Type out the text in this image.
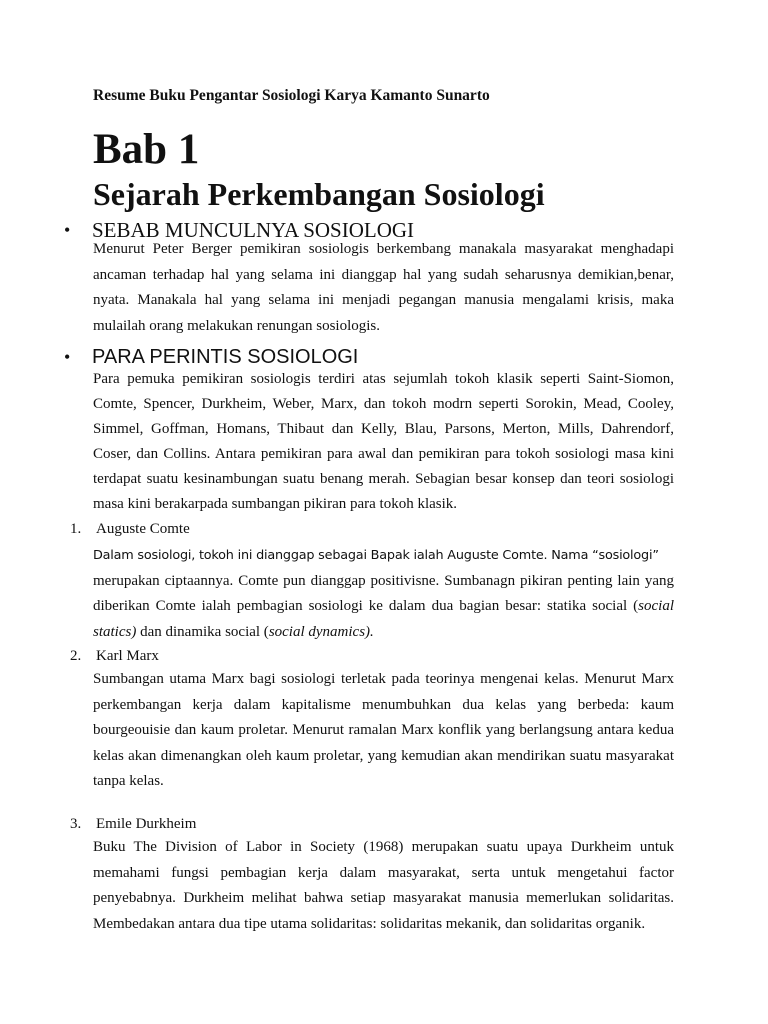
Resume Buku Pengantar Sosiologi Karya Kamanto Sunarto
Bab 1
Sejarah Perkembangan Sosiologi
• SEBAB MUNCULNYA SOSIOLOGI

Menurut Peter Berger pemikiran sosiologis berkembang manakala masyarakat menghadapi ancaman terhadap hal yang selama ini dianggap hal yang sudah seharusnya demikian,benar, nyata. Manakala hal yang selama ini menjadi pegangan manusia mengalami krisis, maka mulailah orang melakukan renungan sosiologis.

• PARA PERINTIS SOSIOLOGI

Para pemuka pemikiran sosiologis terdiri atas sejumlah tokoh klasik seperti Saint-Siomon, Comte, Spencer, Durkheim, Weber, Marx, dan tokoh modrn seperti Sorokin, Mead, Cooley, Simmel, Goffman, Homans, Thibaut dan Kelly, Blau, Parsons, Merton, Mills, Dahrendorf, Coser, dan Collins. Antara pemikiran para awal dan pemikiran para tokoh sosiologi masa kini terdapat suatu kesinambungan suatu benang merah. Sebagian besar konsep dan teori sosiologi masa kini berakarpada sumbangan pikiran para tokoh klasik.

1. Auguste Comte
Dalam sosiologi, tokoh ini dianggap sebagai Bapak ialah Auguste Comte. Nama “sosiologi”
merupakan ciptaannya. Comte pun dianggap positivisne. Sumbanagn pikiran penting lain yang diberikan Comte ialah pembagian sosiologi ke dalam dua bagian besar: statika social (social statics) dan dinamika social (social dynamics).
2. Karl Marx

Sumbangan utama Marx bagi sosiologi terletak pada teorinya mengenai kelas. Menurut Marx perkembangan kerja dalam kapitalisme menumbuhkan dua kelas yang berbeda: kaum bourgeouisie dan kaum proletar. Menurut ramalan Marx konflik yang berlangsung antara kedua kelas akan dimenangkan oleh kaum proletar, yang kemudian akan mendirikan suatu masyarakat tanpa kelas.

3. Emile Durkheim

Buku The Division of Labor in Society (1968) merupakan suatu upaya Durkheim untuk memahami fungsi pembagian kerja dalam masyarakat, serta untuk mengetahui factor penyebabnya. Durkheim melihat bahwa setiap masyarakat manusia memerlukan solidaritas. Membedakan antara dua tipe utama solidaritas: solidaritas mekanik, dan solidaritas organik.
